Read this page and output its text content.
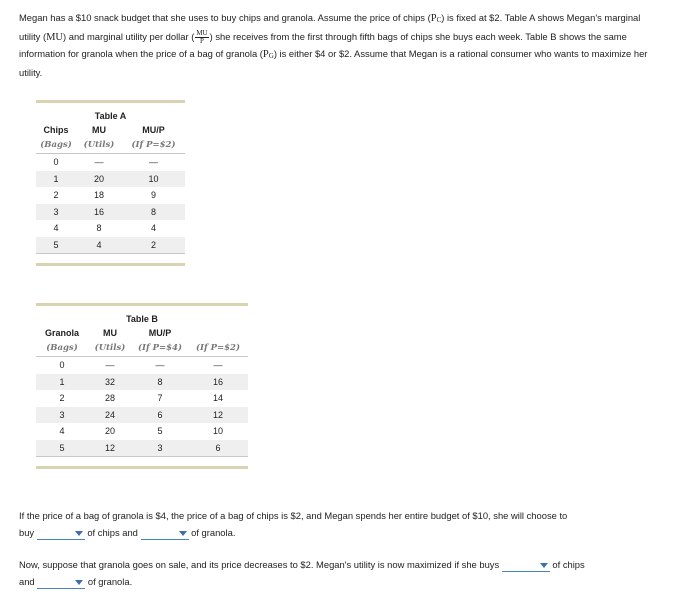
Megan has a $10 snack budget that she uses to buy chips and granola. Assume the price of chips (PC) is fixed at $2. Table A shows Megan's marginal utility (MU) and marginal utility per dollar ( $\frac{MU}{P}$ ) she receives from the first through fifth bags of chips she buys each week. Table B shows the same information for granola when the price of a bag of granola (PG) is either $4 or $2. Assume that Megan is a rational consumer who wants to maximize her utility.
Table A		
Chips	MU	MU/P
(Bags)	(Utils)	(If P=$2)
0	—	—
1	20	10
2	18	9
3	16	8
4	8	4
5	4	2
Table B			
Granola	MU	MU/P	
(Bags)	(Utils)	(If P=$4)	(If P=$2)
0	—	—	—
1	32	8	16
2	28	7	14
3	24	6	12
4	20	5	10
5	12	3	6
If the price of a bag of granola is $4, the price of a bag of chips is $2, and Megan spends her entire budget of $10, she will choose to
buy	of chips and	of granola.
Now, suppose that granola goes on sale, and its price decreases to $2. Megan's utility is now maximized if she buys	of chips
and	of granola.
